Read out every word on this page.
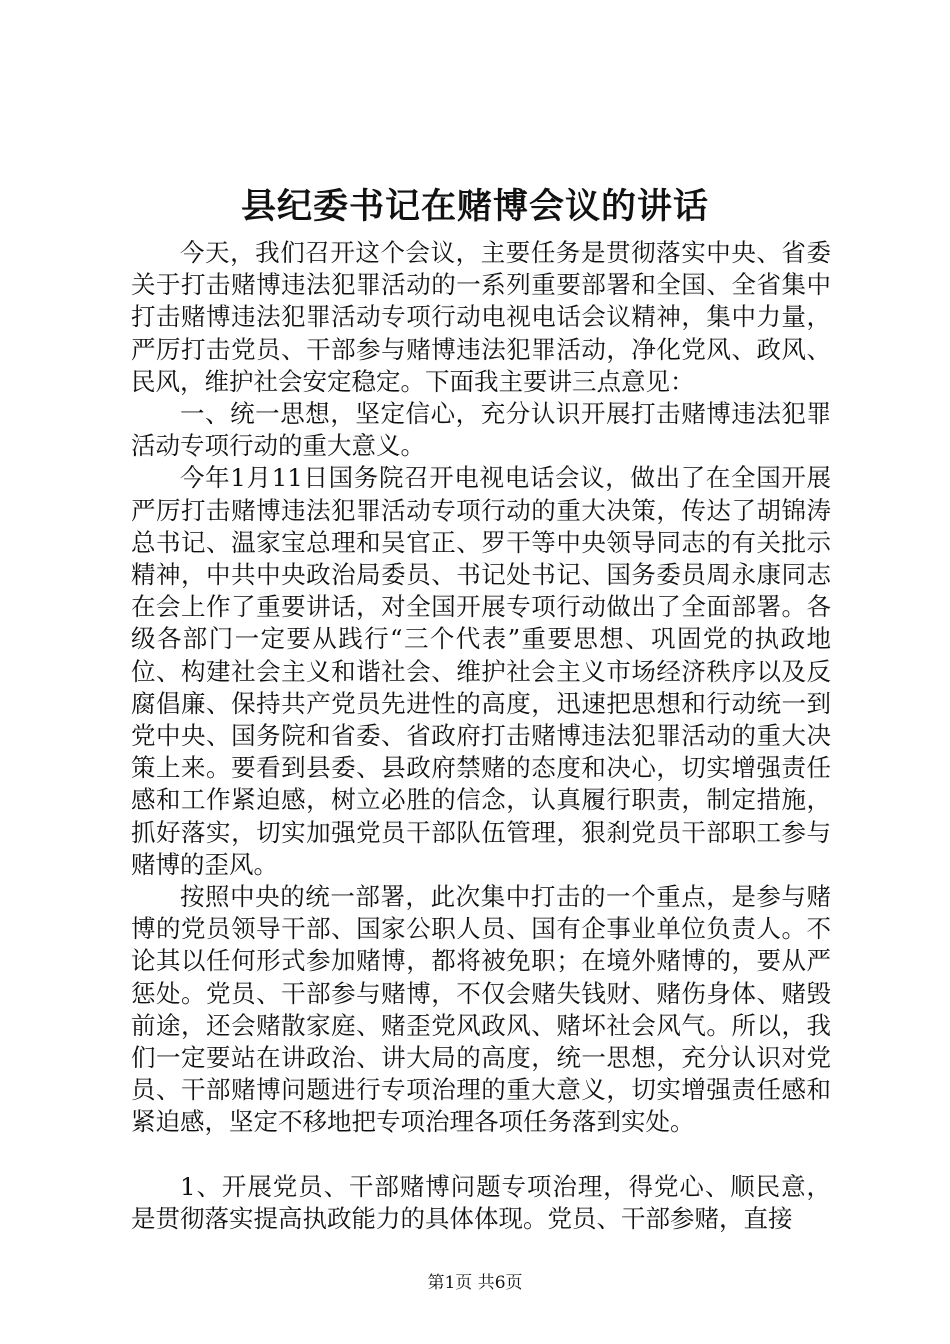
县纪委书记在赌博会议的讲话

今天，我们召开这个会议，主要任务是贯彻落实中央、省委关于打击赌博违法犯罪活动的一系列重要部署和全国、全省集中打击赌博违法犯罪活动专项行动电视电话会议精神，集中力量，严厉打击党员、干部参与赌博违法犯罪活动，净化党风、政风、民风，维护社会安定稳定。下面我主要讲三点意见：

一、统一思想，坚定信心，充分认识开展打击赌博违法犯罪活动专项行动的重大意义。

今年1月11日国务院召开电视电话会议，做出了在全国开展严厉打击赌博违法犯罪活动专项行动的重大决策，传达了胡锦涛总书记、温家宝总理和吴官正、罗干等中央领导同志的有关批示精神，中共中央政治局委员、书记处书记、国务委员周永康同志在会上作了重要讲话，对全国开展专项行动做出了全面部署。各级各部门一定要从践行“三个代表”重要思想、巩固党的执政地位、构建社会主义和谐社会、维护社会主义市场经济秩序以及反腐倡廉、保持共产党员先进性的高度，迅速把思想和行动统一到党中央、国务院和省委、省政府打击赌博违法犯罪活动的重大决策上来。要看到县委、县政府禁赌的态度和决心，切实增强责任感和工作紧迫感，树立必胜的信念，认真履行职责，制定措施，抓好落实，切实加强党员干部队伍管理，狠刹党员干部职工参与赌博的歪风。

按照中央的统一部署，此次集中打击的一个重点，是参与赌博的党员领导干部、国家公职人员、国有企事业单位负责人。不论其以任何形式参加赌博，都将被免职；在境外赌博的，要从严惩处。党员、干部参与赌博，不仅会赌失钱财、赌伤身体、赌毁前途，还会赌散家庭、赌歪党风政风、赌坏社会风气。所以，我们一定要站在讲政治、讲大局的高度，统一思想，充分认识对党员、干部赌博问题进行专项治理的重大意义，切实增强责任感和紧迫感，坚定不移地把专项治理各项任务落到实处。

1、开展党员、干部赌博问题专项治理，得党心、顺民意，是贯彻落实提高执政能力的具体体现。党员、干部参赌，直接

第1页 共6页
